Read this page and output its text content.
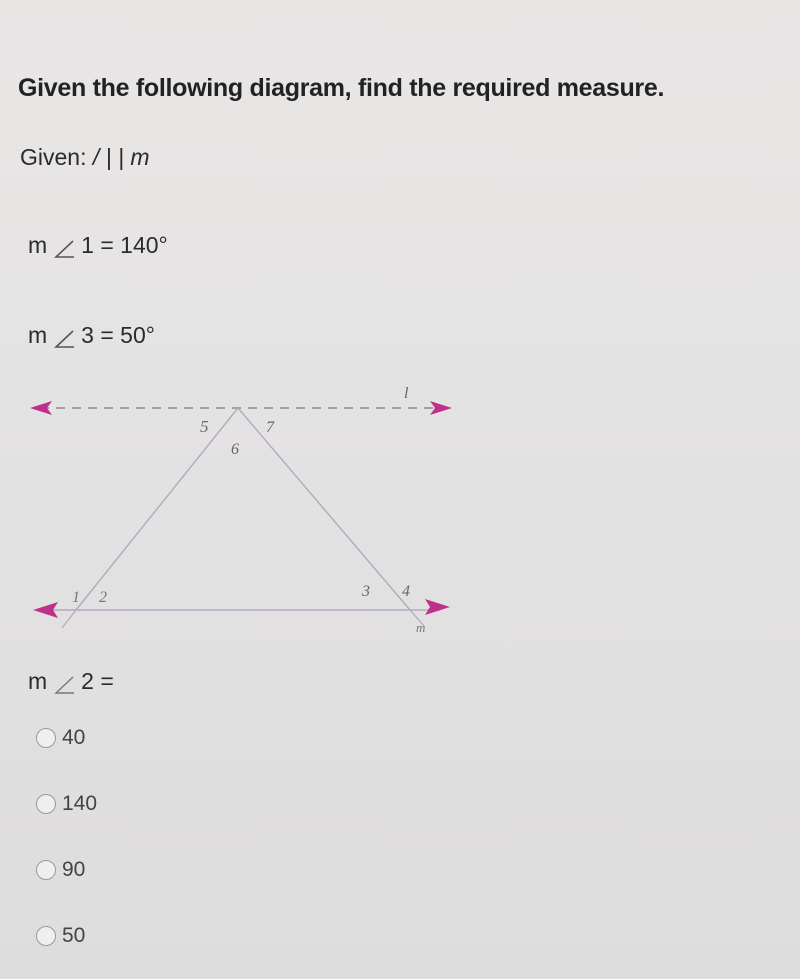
Given the following diagram, find the required measure.
Given: / | | m
m 1 = 140°
m 3 = 50°
l
m
5
6
7
1 2	3 4
m 2 =
40
140
90
50
